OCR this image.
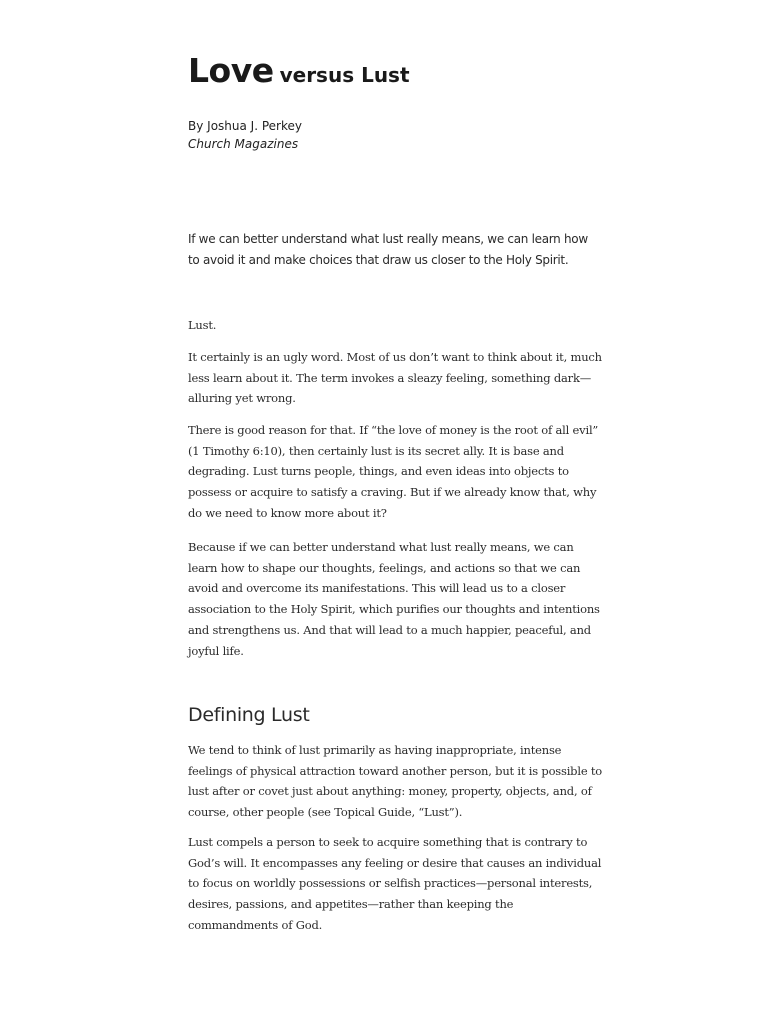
Love versus Lust
By Joshua J. Perkey
Church Magazines

If we can better understand what lust really means, we can learn how to avoid it and make choices that draw us closer to the Holy Spirit.

Lust.

It certainly is an ugly word. Most of us don’t want to think about it, much less learn about it. The term invokes a sleazy feeling, something dark—alluring yet wrong.

There is good reason for that. If “the love of money is the root of all evil” (1 Timothy 6:10), then certainly lust is its secret ally. It is base and degrading. Lust turns people, things, and even ideas into objects to possess or acquire to satisfy a craving. But if we already know that, why do we need to know more about it?

Because if we can better understand what lust really means, we can learn how to shape our thoughts, feelings, and actions so that we can avoid and overcome its manifestations. This will lead us to a closer association to the Holy Spirit, which purifies our thoughts and intentions and strengthens us. And that will lead to a much happier, peaceful, and joyful life.

Defining Lust

We tend to think of lust primarily as having inappropriate, intense feelings of physical attraction toward another person, but it is possible to lust after or covet just about anything: money, property, objects, and, of course, other people (see Topical Guide, “Lust”).

Lust compels a person to seek to acquire something that is contrary to God’s will. It encompasses any feeling or desire that causes an individual to focus on worldly possessions or selfish practices—personal interests, desires, passions, and appetites—rather than keeping the commandments of God.
